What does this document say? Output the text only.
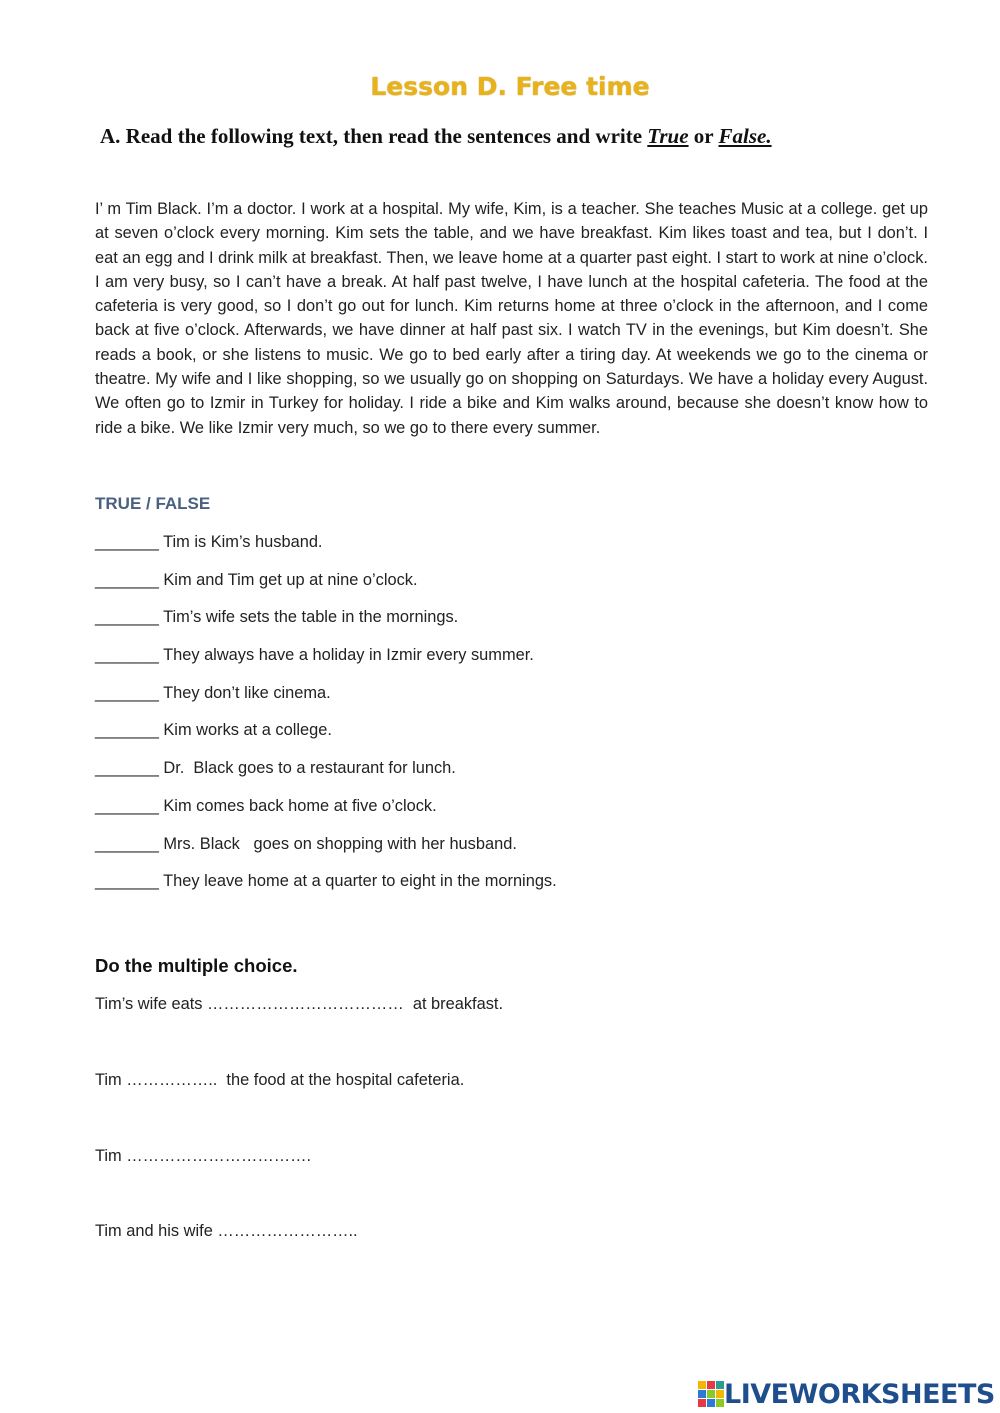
Lesson D. Free time
A. Read the following text, then read the sentences and write True or False.

I’ m Tim Black. I’m a doctor. I work at a hospital. My wife, Kim, is a teacher. She teaches Music at a college. get up at seven o’clock every morning. Kim sets the table, and we have breakfast. Kim likes toast and tea, but I don’t. I eat an egg and I drink milk at breakfast. Then, we leave home at a quarter past eight. I start to work at nine o’clock. I am very busy, so I can’t have a break. At half past twelve, I have lunch at the hospital cafeteria. The food at the cafeteria is very good, so I don’t go out for lunch. Kim returns home at three o’clock in the afternoon, and I come back at five o’clock. Afterwards, we have dinner at half past six. I watch TV in the evenings, but Kim doesn’t. She reads a book, or she listens to music. We go to bed early after a tiring day. At weekends we go to the cinema or theatre. My wife and I like shopping, so we usually go on shopping on Saturdays. We have a holiday every August. We often go to Izmir in Turkey for holiday. I ride a bike and Kim walks around, because she doesn’t know how to ride a bike. We like Izmir very much, so we go to there every summer.

TRUE / FALSE
_______ Tim is Kim’s husband.
_______ Kim and Tim get up at nine o’clock.
_______ Tim’s wife sets the table in the mornings.
_______ They always have a holiday in Izmir every summer.
_______ They don’t like cinema.
_______ Kim works at a college.
_______ Dr.  Black goes to a restaurant for lunch.
_______ Kim comes back home at five o’clock.
_______ Mrs. Black   goes on shopping with her husband.
_______ They leave home at a quarter to eight in the mornings.
Do the multiple choice.
Tim’s wife eats ………………………………  at breakfast.
Tim ……………..  the food at the hospital cafeteria.
Tim …………………………….
Tim and his wife ……………………..
LIVEWORKSHEETS
